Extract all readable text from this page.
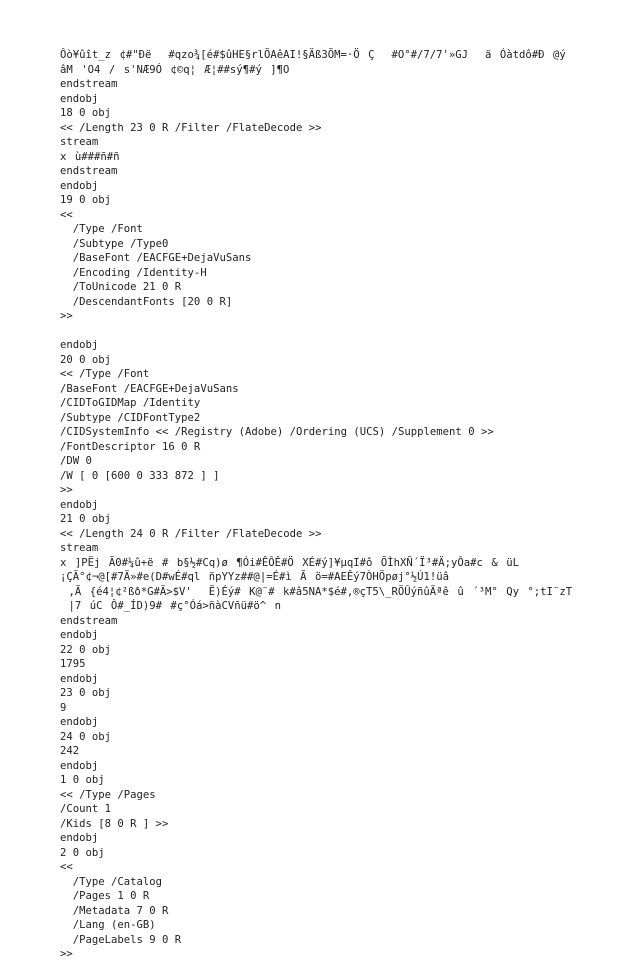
Ôò¥ûît_z¢#"Ðë#qzo¾[é#$ûHE§rlÕAêAI!§Äß3ÕM=·ÖÇ#O°#/7/7'»GJäÓàtdô#Ð@ý
âM'O4/s'NÆ9Ó¢©q¦Æ¦##sý¶#ý]¶O
endstream
endobj
18 0 obj
<< /Length 23 0 R /Filter /FlateDecode >>
stream
xù###ñ#ñ
endstream
endobj
19 0 obj
<<
/Type /Font
/Subtype /Type0
/BaseFont /EACFGE+DejaVuSans
/Encoding /Identity-H
/ToUnicode 21 0 R
/DescendantFonts [20 0 R]
>>
endobj
20 0 obj
<< /Type /Font
/BaseFont /EACFGE+DejaVuSans
/CIDToGIDMap /Identity
/Subtype /CIDFontType2
/CIDSystemInfo << /Registry (Adobe) /Ordering (UCS) /Supplement 0 >>
/FontDescriptor 16 0 R
/DW 0
/W [ 0 [600 0 333 872 ] ]
>>
endobj
21 0 obj
<< /Length 24 0 R /Filter /FlateDecode >>
stream
x]PËjÃ0#¼û+ë#b§½#Cq)ø¶Ói#ÊÔÊ#ÖXÉ#ý]¥µqI#ôÕÌhXÑ´Ï³#Ä;yÔa#c&üL
¡ÇÃ°¢¬@[#7Ä»#e(D#wÉ#qlñpYYz##@|=É#ìÃö=#AEÊý7ÒHÖpøj°½Ú1!üâ
,Ã{é4¦¢²ßð*G#Ã>$V'Ë)Éý#K@¨#k#â5NA*$é#,®çT5\_RÖÛýñûÃªêû´³M°Qy°;tI¨zT
|7úCÔ#_ÍD)9##ç°Óá>ñàCVñü#ö^n
endstream
endobj
22 0 obj
1795
endobj
23 0 obj
9
endobj
24 0 obj
242
endobj
1 0 obj
<< /Type /Pages
/Count 1
/Kids [8 0 R ] >>
endobj
2 0 obj
<<
/Type /Catalog
/Pages 1 0 R
/Metadata 7 0 R
/Lang (en-GB)
/PageLabels 9 0 R
>>
